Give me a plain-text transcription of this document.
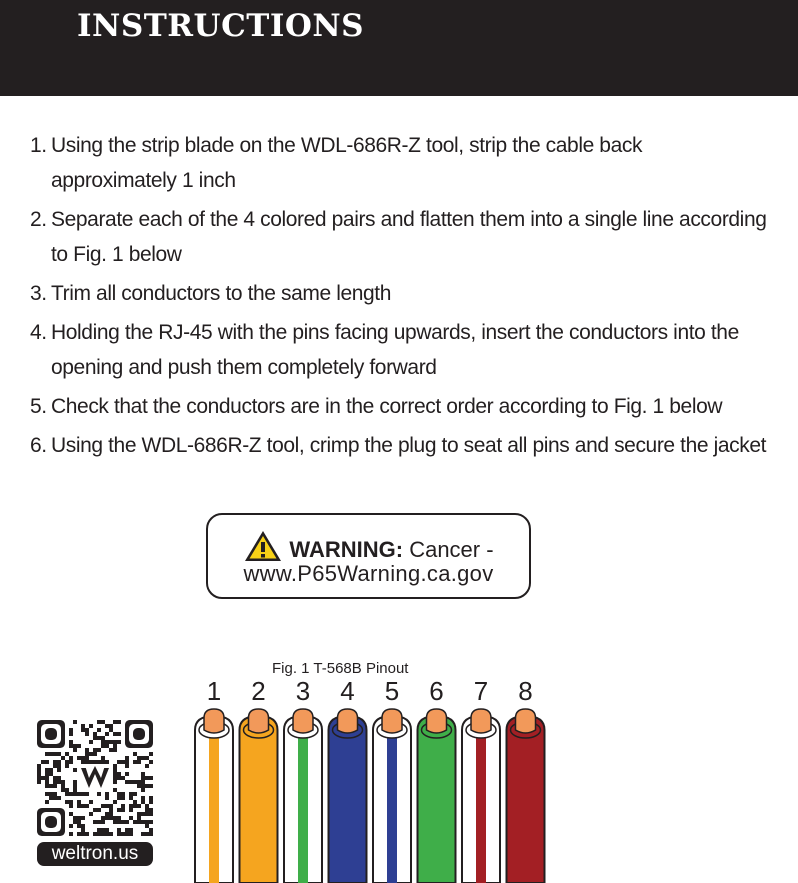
INSTRUCTIONS
1. Using the strip blade on the WDL-686R-Z tool, strip the cable back approximately 1 inch
2. Separate each of the 4 colored pairs and flatten them into a single line according to Fig. 1 below
3. Trim all conductors to the same length
4. Holding the RJ-45 with the pins facing upwards, insert the conductors into the opening and push them completely forward
5. Check that the conductors are in the correct order according to Fig. 1 below
6. Using the WDL-686R-Z tool, crimp the plug to seat all pins and secure the jacket
WARNING: Cancer -
www.P65Warning.ca.gov
Fig. 1 T-568B Pinout
1	2	3	4	5	6	7	8
weltron.us
